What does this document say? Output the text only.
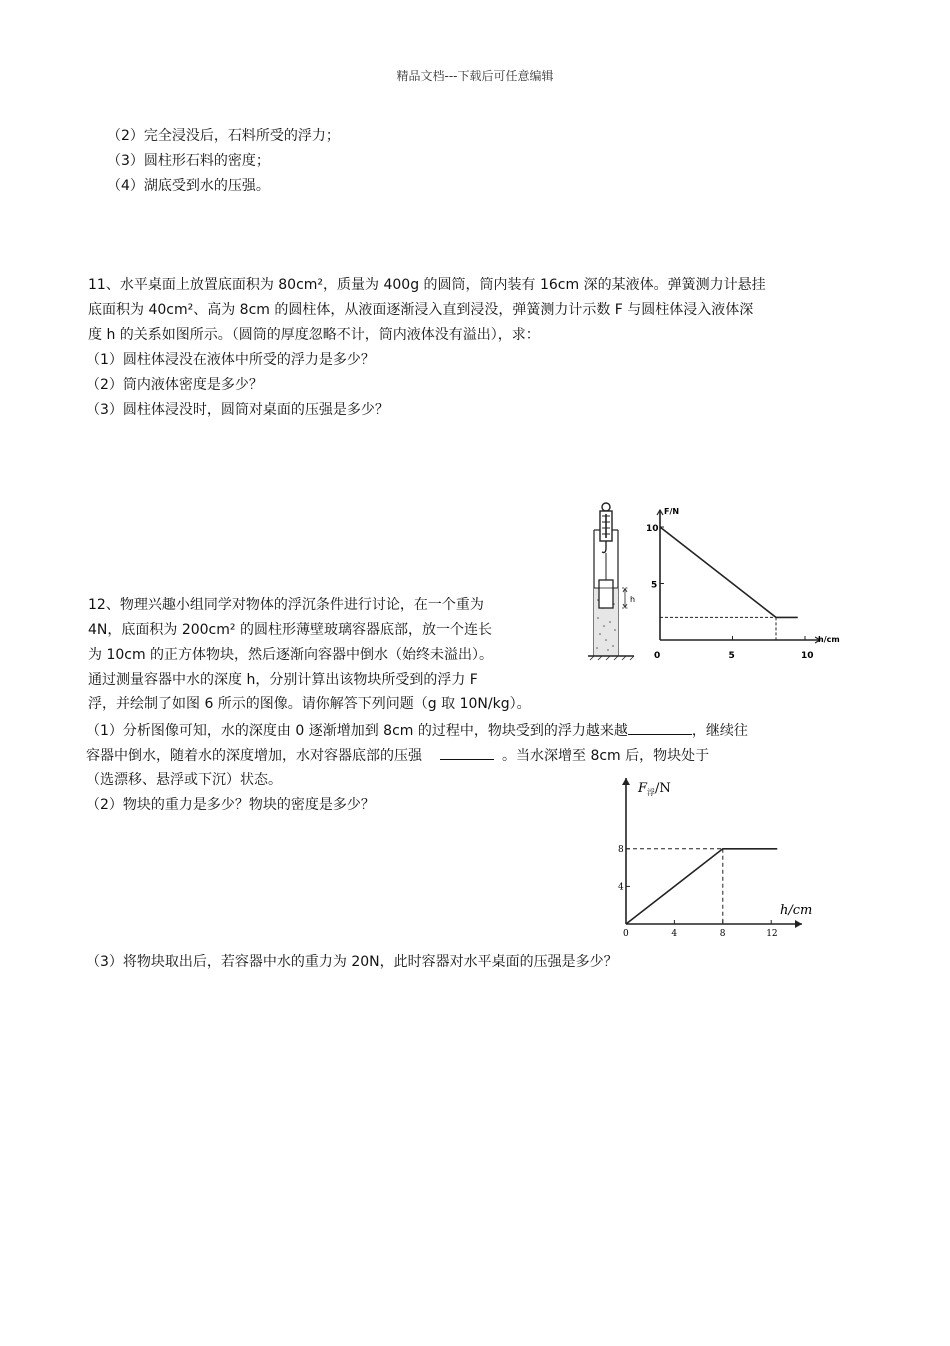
精品文档---下载后可任意编辑
（2）完全浸没后，石料所受的浮力；
（3）圆柱形石料的密度；
（4）湖底受到水的压强。
11、水平桌面上放置底面积为 80cm²，质量为 400g 的圆筒，筒内装有 16cm 深的某液体。弹簧测力计悬挂
底面积为 40cm²、高为 8cm 的圆柱体，从液面逐渐浸入直到浸没，弹簧测力计示数 F 与圆柱体浸入液体深
度 h 的关系如图所示。（圆筒的厚度忽略不计，筒内液体没有溢出），求：
（1）圆柱体浸没在液体中所受的浮力是多少？
（2）筒内液体密度是多少？
（3）圆柱体浸没时，圆筒对桌面的压强是多少？
h
F/N
h/cm
0	5	10
5
10
12、物理兴趣小组同学对物体的浮沉条件进行讨论，在一个重为
4N，底面积为 200cm² 的圆柱形薄壁玻璃容器底部，放一个连长
为 10cm 的正方体物块，然后逐渐向容器中倒水（始终未溢出）。
通过测量容器中水的深度 h，分别计算出该物块所受到的浮力 F
浮，并绘制了如图 6 所示的图像。请你解答下列问题（g 取 10N/kg）。
（1）分析图像可知，水的深度由 0 逐渐增加到 8cm 的过程中，物块受到的浮力越来越	，继续往
容器中倒水，随着水的深度增加，水对容器底部的压强	。当水深增至 8cm 后，物块处于
（选漂移、悬浮或下沉）状态。
（2）物块的重力是多少？物块的密度是多少？
$F_浮/N$
h/cm
0	4	8	12
4
8
（3）将物块取出后，若容器中水的重力为 20N，此时容器对水平桌面的压强是多少？
